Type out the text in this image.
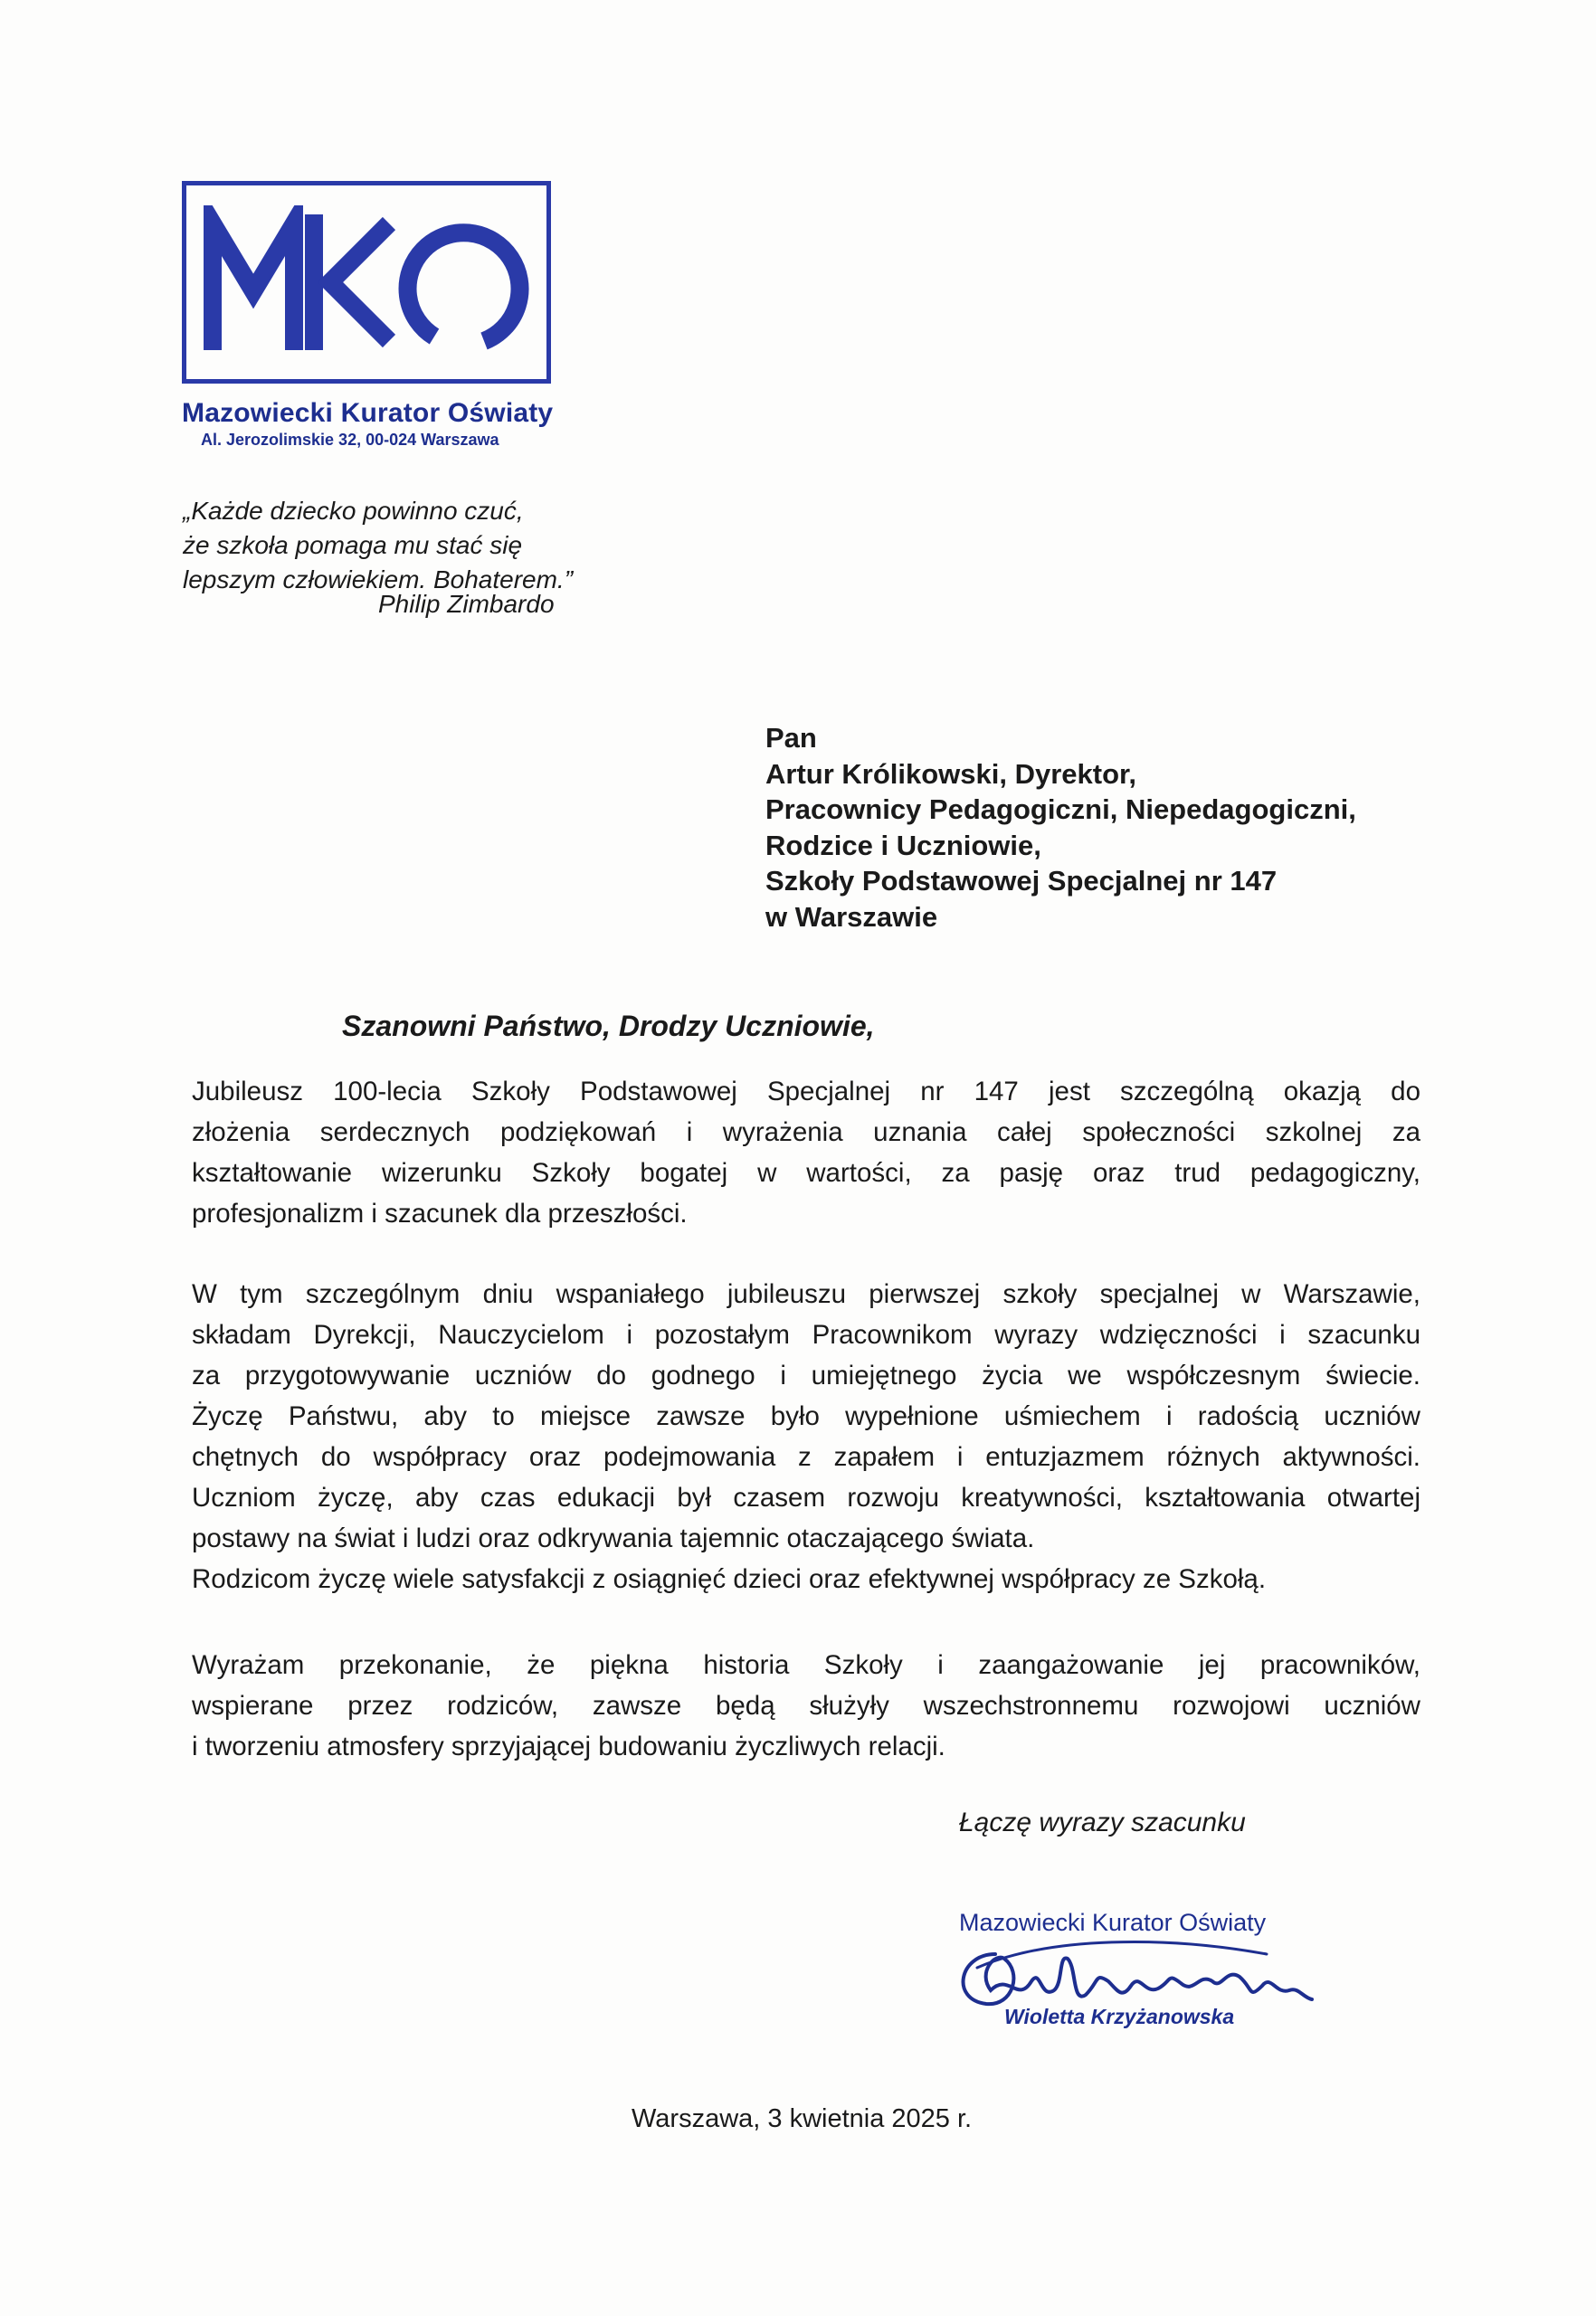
Mazowiecki Kurator Oświaty
Al. Jerozolimskie 32, 00-024 Warszawa
„Każde dziecko powinno czuć,
że szkoła pomaga mu stać się
lepszym człowiekiem. Bohaterem.”
Philip Zimbardo
Pan
Artur Królikowski, Dyrektor,
Pracownicy Pedagogiczni, Niepedagogiczni,
Rodzice i Uczniowie,
Szkoły Podstawowej Specjalnej nr 147
w Warszawie
Szanowni Państwo, Drodzy Uczniowie,
Jubileusz 100-lecia Szkoły Podstawowej Specjalnej nr 147 jest szczególną okazją do
złożenia serdecznych podziękowań i wyrażenia uznania całej społeczności szkolnej za
kształtowanie wizerunku Szkoły bogatej w wartości, za pasję oraz trud pedagogiczny,
profesjonalizm i szacunek dla przeszłości.
W tym szczególnym dniu wspaniałego jubileuszu pierwszej szkoły specjalnej w Warszawie,
składam Dyrekcji, Nauczycielom i pozostałym Pracownikom wyrazy wdzięczności i szacunku
za przygotowywanie uczniów do godnego i umiejętnego życia we współczesnym świecie.
Życzę Państwu, aby to miejsce zawsze było wypełnione uśmiechem i radością uczniów
chętnych do współpracy oraz podejmowania z zapałem i entuzjazmem różnych aktywności.
Uczniom życzę, aby czas edukacji był czasem rozwoju kreatywności, kształtowania otwartej
postawy na świat i ludzi oraz odkrywania tajemnic otaczającego świata.
Rodzicom życzę wiele satysfakcji z osiągnięć dzieci oraz efektywnej współpracy ze Szkołą.
Wyrażam przekonanie, że piękna historia Szkoły i zaangażowanie jej pracowników,
wspierane przez rodziców, zawsze będą służyły wszechstronnemu rozwojowi uczniów
i tworzeniu atmosfery sprzyjającej budowaniu życzliwych relacji.
Łączę wyrazy szacunku
Mazowiecki Kurator Oświaty
Wioletta Krzyżanowska
Warszawa, 3 kwietnia 2025 r.
